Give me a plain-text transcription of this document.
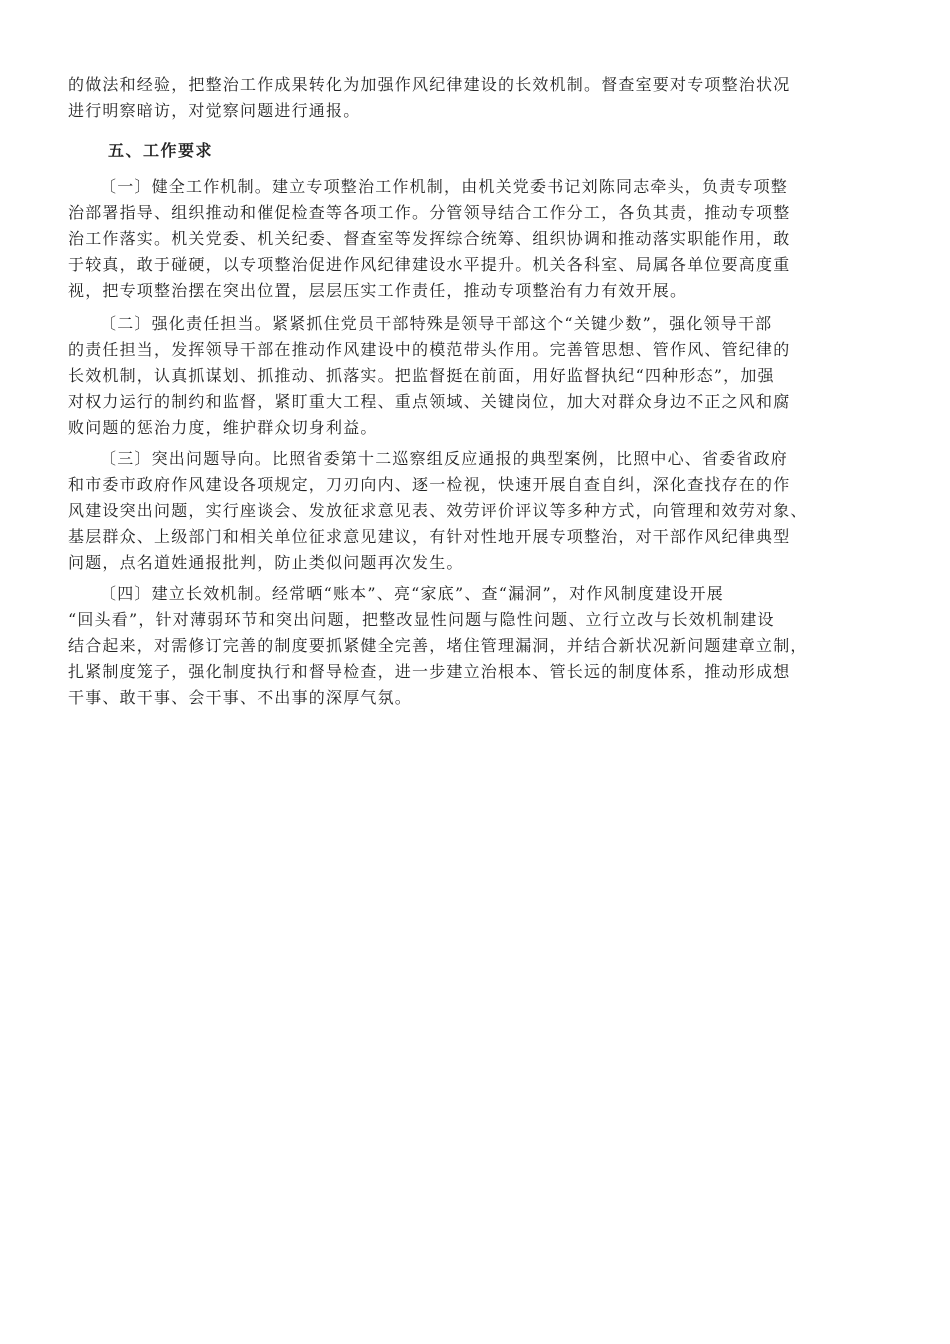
的做法和经验，把整治工作成果转化为加强作风纪律建设的长效机制。督查室要对专项整治状况
进行明察暗访，对觉察问题进行通报。
五、工作要求
〔一〕健全工作机制。建立专项整治工作机制，由机关党委书记刘陈同志牵头，负责专项整
治部署指导、组织推动和催促检查等各项工作。分管领导结合工作分工，各负其责，推动专项整
治工作落实。机关党委、机关纪委、督查室等发挥综合统筹、组织协调和推动落实职能作用，敢
于较真，敢于碰硬，以专项整治促进作风纪律建设水平提升。机关各科室、局属各单位要高度重
视，把专项整治摆在突出位置，层层压实工作责任，推动专项整治有力有效开展。
〔二〕强化责任担当。紧紧抓住党员干部特殊是领导干部这个“关键少数”，强化领导干部
的责任担当，发挥领导干部在推动作风建设中的模范带头作用。完善管思想、管作风、管纪律的
长效机制，认真抓谋划、抓推动、抓落实。把监督挺在前面，用好监督执纪“四种形态”，加强
对权力运行的制约和监督，紧盯重大工程、重点领域、关键岗位，加大对群众身边不正之风和腐
败问题的惩治力度，维护群众切身利益。
〔三〕突出问题导向。比照省委第十二巡察组反应通报的典型案例，比照中心、省委省政府
和市委市政府作风建设各项规定，刀刃向内、逐一检视，快速开展自查自纠，深化查找存在的作
风建设突出问题，实行座谈会、发放征求意见表、效劳评价评议等多种方式，向管理和效劳对象、
基层群众、上级部门和相关单位征求意见建议，有针对性地开展专项整治，对干部作风纪律典型
问题，点名道姓通报批判，防止类似问题再次发生。
〔四〕建立长效机制。经常晒“账本”、亮“家底”、查“漏洞”，对作风制度建设开展
“回头看”，针对薄弱环节和突出问题，把整改显性问题与隐性问题、立行立改与长效机制建设
结合起来，对需修订完善的制度要抓紧健全完善，堵住管理漏洞，并结合新状况新问题建章立制，
扎紧制度笼子，强化制度执行和督导检查，进一步建立治根本、管长远的制度体系，推动形成想
干事、敢干事、会干事、不出事的深厚气氛。
